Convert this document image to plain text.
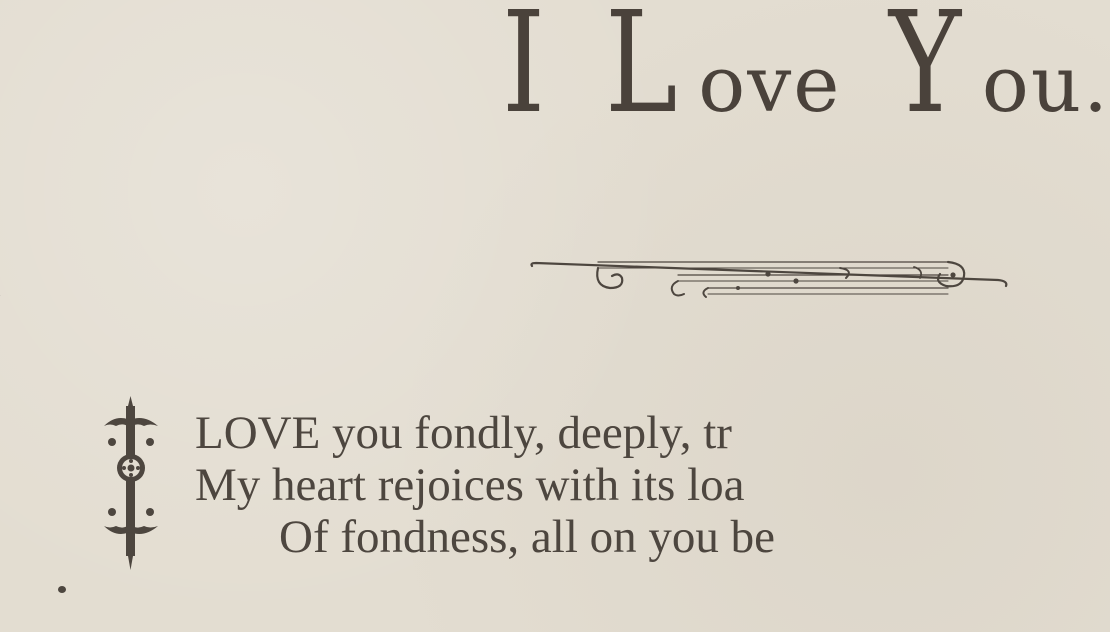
I L ove Y ou.
I
LOVE you fondly, deeply, tr
My heart rejoices with its loa
Of fondness, all on you be
